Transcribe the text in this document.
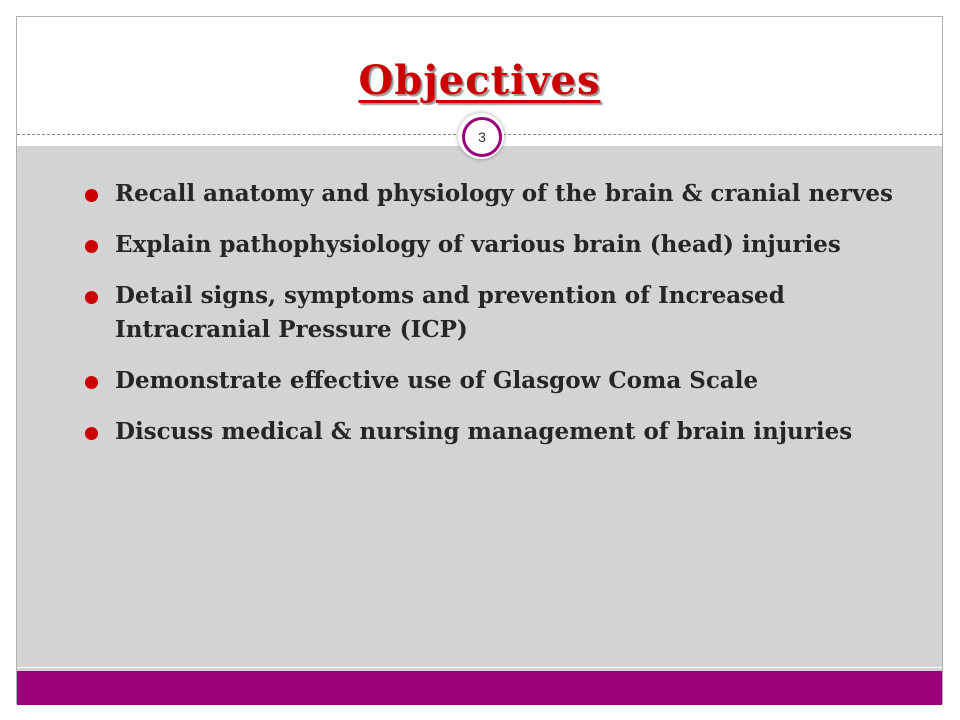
Objectives
3
Recall anatomy and physiology of the brain & cranial nerves
Explain pathophysiology of various brain (head) injuries
Detail signs, symptoms and prevention of Increased Intracranial Pressure (ICP)
Demonstrate effective use of Glasgow Coma Scale
Discuss medical & nursing management of brain injuries
